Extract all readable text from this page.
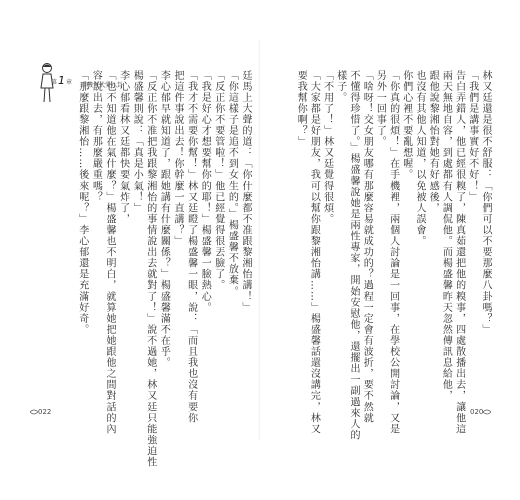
第1章 手機世代愛八卦	廷馬上大聲的道：「你什麼都不准跟黎湘怡講！」
「你這樣子是追不到女生的。」楊盛馨不放棄。
「反正你不要管啦！」他已經覺得很丟臉了。
「我是好心才想要幫你的耶！」楊盛馨一臉熱心。
「我才不需要你幫！」林又廷瞪了楊盛馨一眼，說：「而且我也沒有要你
把這件事說出去！你幹麼一直講？」
李心郁早就知道了，跟她講有什麼關係？」楊盛馨滿不在乎。
「反正你不准把我跟黎湘怡的事情說出去就對了！」說不過她，林又廷只能強迫性
楊盛馨則說：「真是小氣！」
李心郁看林又廷都快要氣炸了，
「也不知道他在氣什麼？」楊盛馨也不明白，就算她把她跟他之間對話的內
容說出去，有那麼嚴重嗎？
「那麼跟黎湘怡……後來呢？」李心郁還是充滿好奇。
022
林又廷還是很不舒服：「你們可以不要那麼八卦嗎？」
「我們是講事實好不好！」
告白弄錯人，他已經很糗了，陳真茹還把他的糗事，四處散播出去，讓他這
兩天無地自容，到處都有人調侃他。而楊盛馨昨天忽然傳訊息給他，
跟他說黎湘怡對她有好感後，
也沒有其他人知道，以免被人誤會。
你們心裡不要亂想喔。
「你真的很煩！」在手機裡，兩個人討論是一回事，在學校公開討論，又是
另外一回事了。
「啥呀！交女朋友哪有那麼容易就成功的？過程一定會有波折，要不然就
不懂得珍惜了。」楊盛馨說她是兩性專家，開始安慰他，還擺出一副過來人的
樣子。
「不用了！」林又廷覺得很煩。
「大家都是好朋友，我可以幫你跟黎湘怡講……」楊盛馨話還沒講完，林又
要我幫你啊？」
020
